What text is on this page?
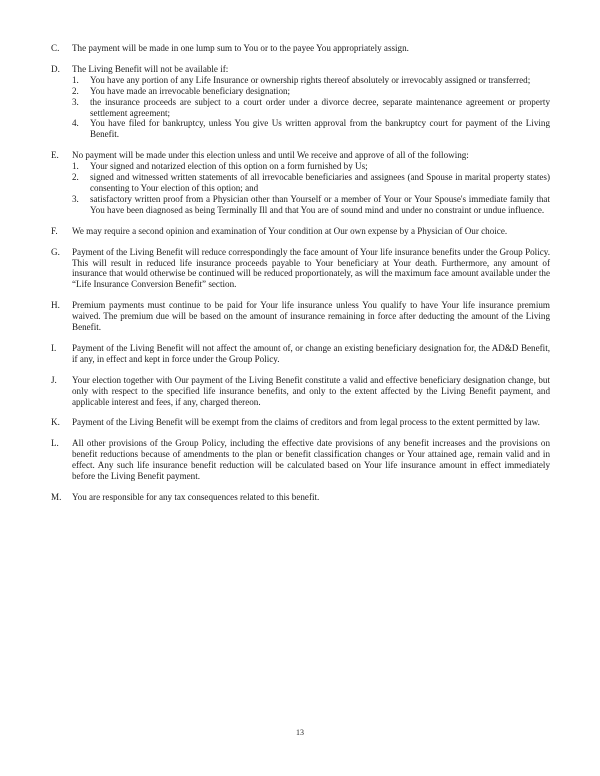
C.	The payment will be made in one lump sum to You or to the payee You appropriately assign.

D.	The Living Benefit will not be available if:

1.	You have any portion of any Life Insurance or ownership rights thereof absolutely or irrevocably assigned or transferred;
2.	You have made an irrevocable beneficiary designation;
3.	the insurance proceeds are subject to a court order under a divorce decree, separate maintenance agreement or property settlement agreement;
4.	You have filed for bankruptcy, unless You give Us written approval from the bankruptcy court for payment of the Living Benefit.
E.	No payment will be made under this election unless and until We receive and approve of all of the following:

1.	Your signed and notarized election of this option on a form furnished by Us;
2.	signed and witnessed written statements of all irrevocable beneficiaries and assignees (and Spouse in marital property states) consenting to Your election of this option; and
3.	satisfactory written proof from a Physician other than Yourself or a member of Your or Your Spouse's immediate family that You have been diagnosed as being Terminally Ill and that You are of sound mind and under no constraint or undue influence.
F.	We may require a second opinion and examination of Your condition at Our own expense by a Physician of Our choice.

G.	Payment of the Living Benefit will reduce correspondingly the face amount of Your life insurance benefits under the Group Policy. This will result in reduced life insurance proceeds payable to Your beneficiary at Your death. Furthermore, any amount of insurance that would otherwise be continued will be reduced proportionately, as will the maximum face amount available under the “Life Insurance Conversion Benefit” section.

H.	Premium payments must continue to be paid for Your life insurance unless You qualify to have Your life insurance premium waived. The premium due will be based on the amount of insurance remaining in force after deducting the amount of the Living Benefit.

I.	Payment of the Living Benefit will not affect the amount of, or change an existing beneficiary designation for, the AD&D Benefit, if any, in effect and kept in force under the Group Policy.

J.	Your election together with Our payment of the Living Benefit constitute a valid and effective beneficiary designation change, but only with respect to the specified life insurance benefits, and only to the extent affected by the Living Benefit payment, and applicable interest and fees, if any, charged thereon.

K.	Payment of the Living Benefit will be exempt from the claims of creditors and from legal process to the extent permitted by law.

L.	All other provisions of the Group Policy, including the effective date provisions of any benefit increases and the provisions on benefit reductions because of amendments to the plan or benefit classification changes or Your attained age, remain valid and in effect. Any such life insurance benefit reduction will be calculated based on Your life insurance amount in effect immediately before the Living Benefit payment.

M.	You are responsible for any tax consequences related to this benefit.

13
